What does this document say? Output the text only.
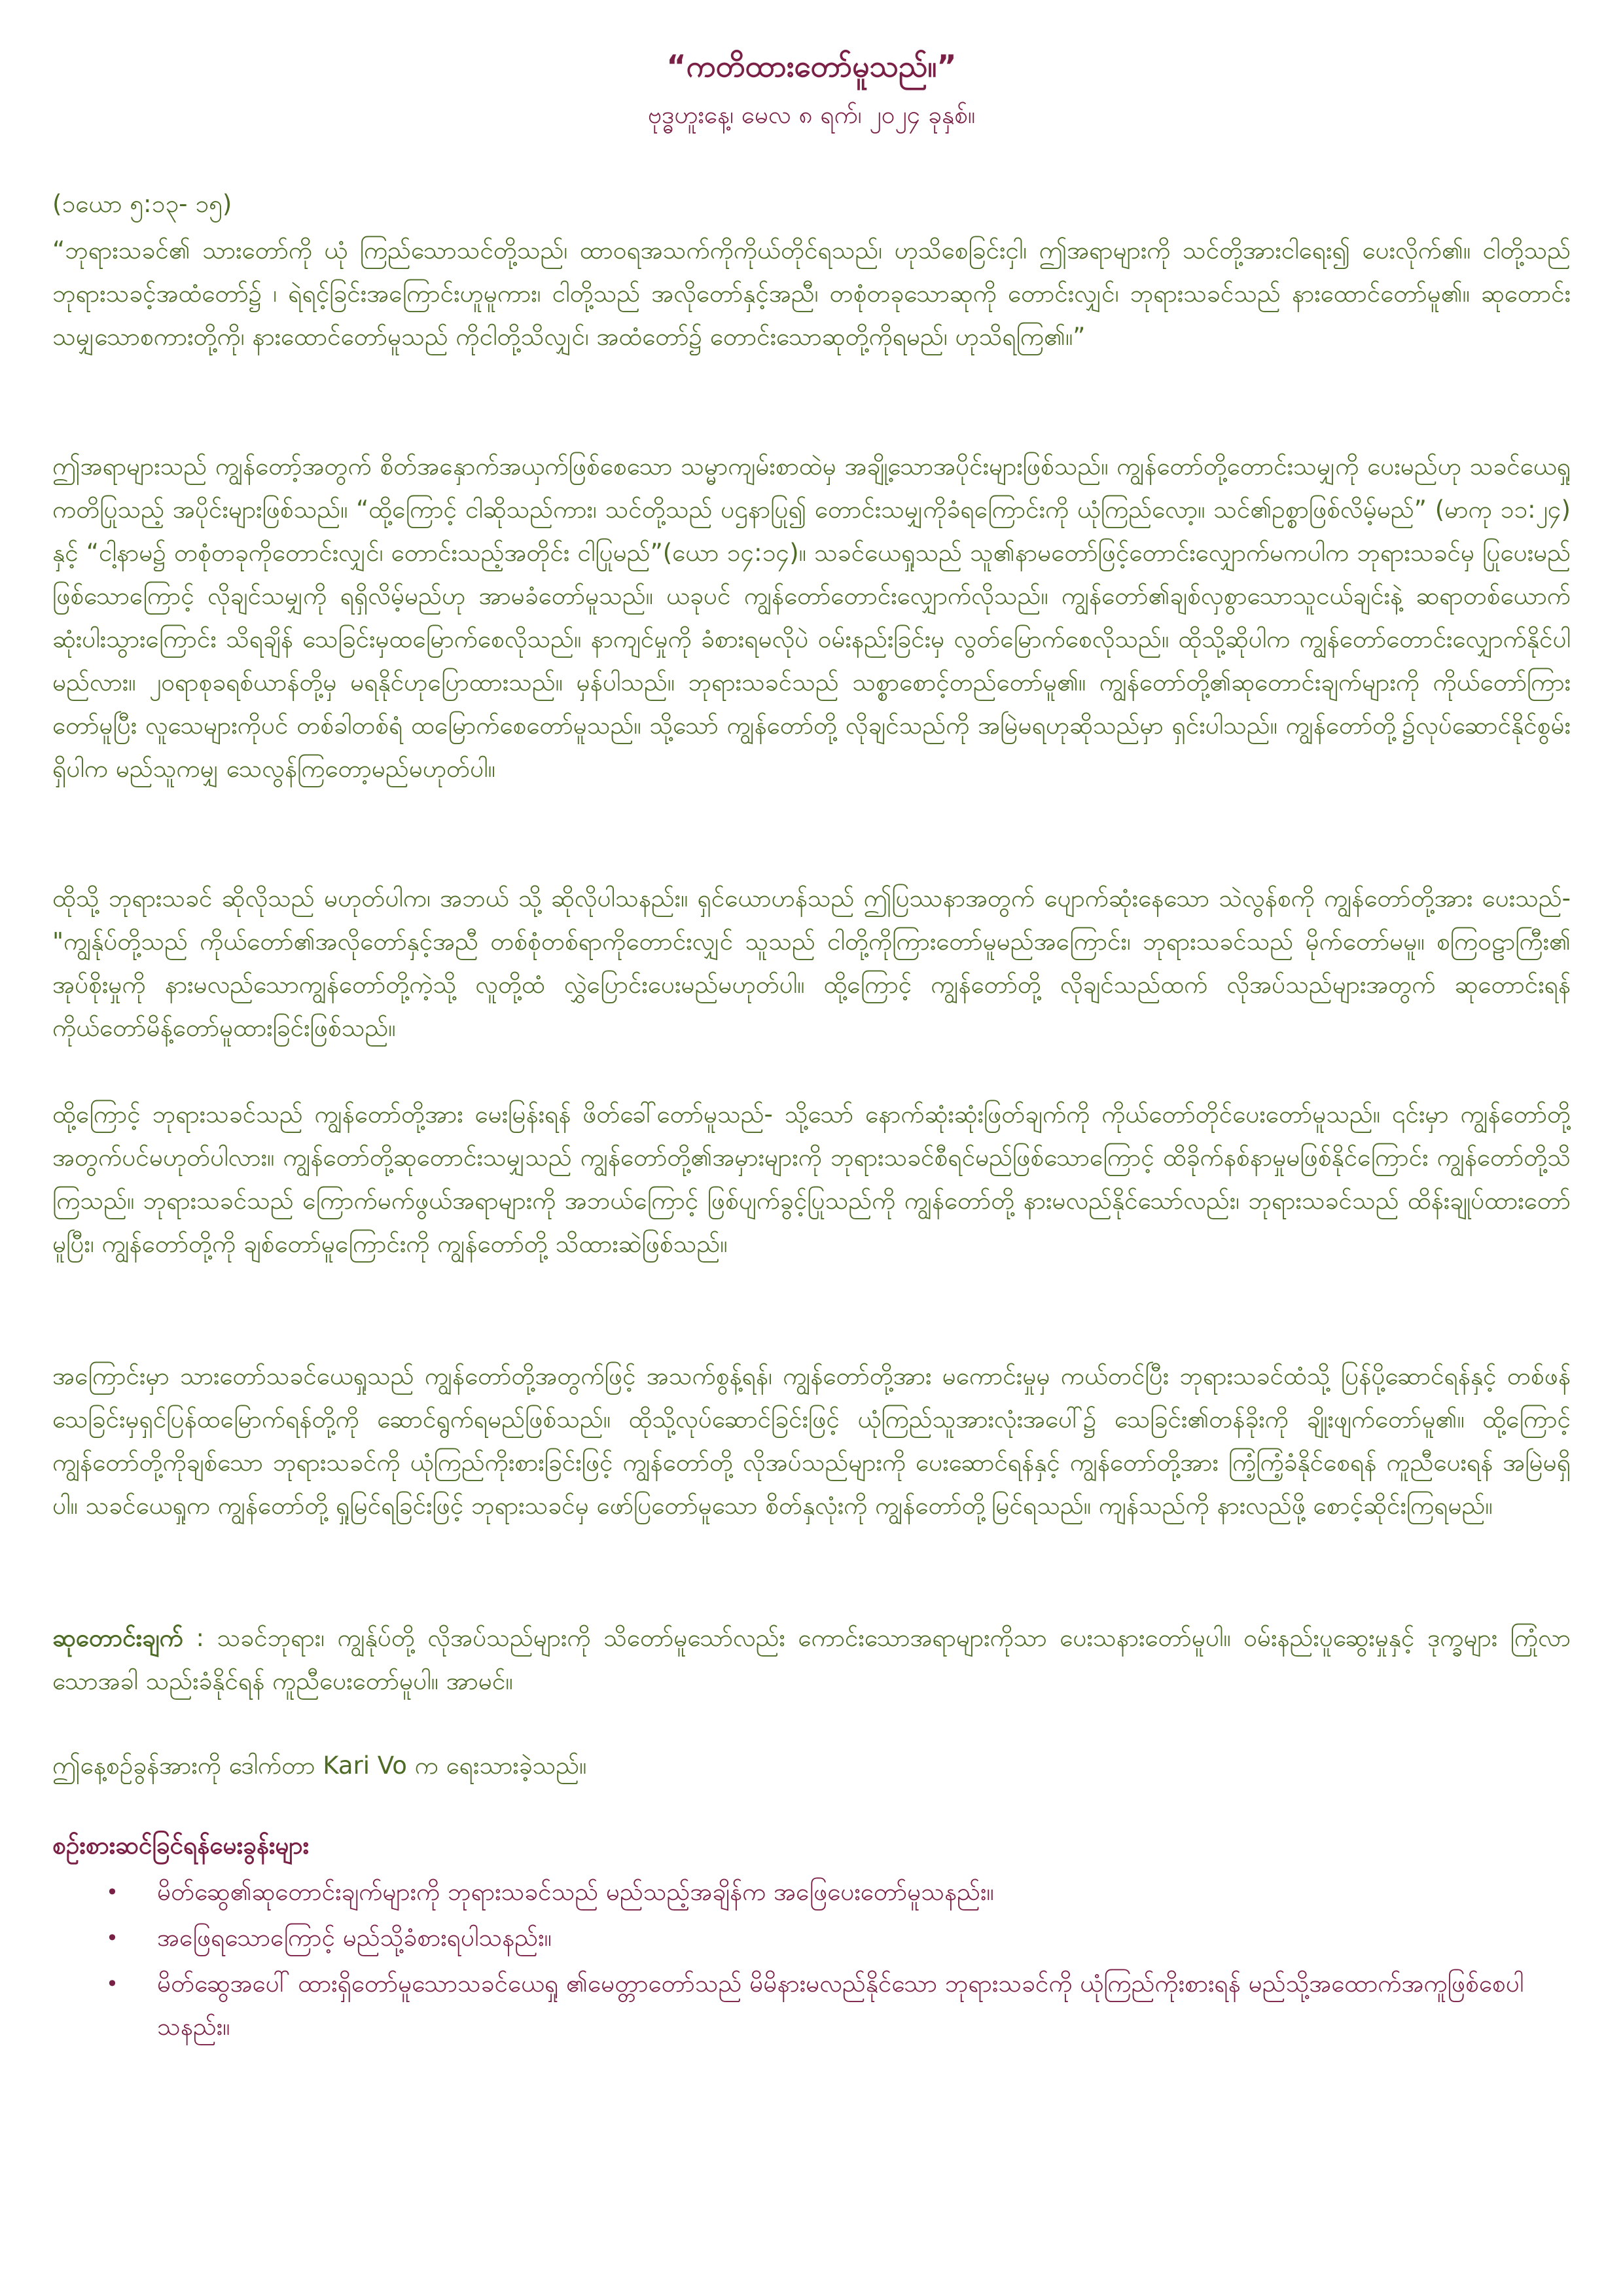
“ကတိထားတော်မူသည်။”
ဗုဒ္ဓဟူးနေ့၊ မေလ ၈ ရက်၊ ၂၀၂၄ ခုနှစ်။

(၁ယော ၅:၁၃- ၁၅)

“ဘုရားသခင်၏ သားတော်ကို ယုံ ကြည်သောသင်တို့သည်၊ ထာဝရအသက်ကိုကိုယ်တိုင်ရသည်၊ ဟုသိစေခြင်းငှါ၊ ဤအရာများကို သင်တို့အားငါရေး၍ ပေးလိုက်၏။ ငါတို့သည်ဘုရားသခင့်အထံတော်၌ ၊ ရဲရင့်ခြင်းအကြောင်းဟူမူကား၊ ငါတို့သည် အလိုတော်နှင့်အညီ၊ တစုံတခုသောဆုကို တောင်းလျှင်၊ ဘုရားသခင်သည် နားထောင်တော်မူ၏။ ဆုတောင်းသမျှသောစကားတို့ကို၊ နားထောင်တော်မူသည် ကိုငါတို့သိလျှင်၊ အထံတော်၌ တောင်းသောဆုတို့ကိုရမည်၊ ဟုသိရကြ၏။”

ဤအရာများသည် ကျွန်တော့်အတွက် စိတ်အနှောက်အယှက်ဖြစ်စေသော သမ္မာကျမ်းစာထဲမှ အချို့သောအပိုင်းများဖြစ်သည်။ ကျွန်တော်တို့တောင်းသမျှကို ပေးမည်ဟု သခင်ယေရှုကတိပြုသည့် အပိုင်းများဖြစ်သည်။ “ထို့ကြောင့် ငါဆိုသည်ကား၊ သင်တို့သည် ပဌနာပြု၍ တောင်းသမျှကိုခံရကြောင်းကို ယုံကြည်လော့။ သင်၏ဥစ္စာဖြစ်လိမ့်မည်” (မာကု ၁၁:၂၄) နှင့် “ငါ့နာမ၌ တစုံတခုကိုတောင်းလျှင်၊ တောင်းသည့်အတိုင်း ငါပြုမည်”(ယော ၁၄:၁၄)။ သခင်ယေရှုသည် သူ၏နာမတော်ဖြင့်တောင်းလျှောက်မကပါက ဘုရားသခင်မှ ပြုပေးမည်ဖြစ်သောကြောင့် လိုချင်သမျှကို ရရှိလိမ့်မည်ဟု အာမခံတော်မူသည်။ ယခုပင် ကျွန်တော်တောင်းလျှောက်လိုသည်။ ကျွန်တော်၏ချစ်လှစွာသောသူငယ်ချင်းနဲ့ ဆရာတစ်ယောက် ဆုံးပါးသွားကြောင်း သိရချိန် သေခြင်းမှထမြောက်စေလိုသည်။ နာကျင်မှုကို ခံစားရမလိုပဲ ဝမ်းနည်းခြင်းမှ လွတ်မြောက်စေလိုသည်။ ထိုသို့ဆိုပါက ကျွန်တော်တောင်းလျှောက်နိုင်ပါမည်လား။ ၂၀ရာစုခရစ်ယာန်တို့မှ မရနိုင်ဟုပြောထားသည်။ မှန်ပါသည်။ ဘုရားသခင်သည် သစ္စာစောင့်တည်တော်မူ၏။ ကျွန်တော်တို့၏ဆုတောင်းချက်များကို ကိုယ်တော်ကြားတော်မူပြီး လူသေများကိုပင် တစ်ခါတစ်ရံ ထမြောက်စေတော်မူသည်။ သို့သော် ကျွန်တော်တို့ လိုချင်သည်ကို အမြဲမရဟုဆိုသည်မှာ ရှင်းပါသည်။ ကျွန်တော်တို့၌လုပ်ဆောင်နိုင်စွမ်းရှိပါက မည်သူကမျှ သေလွန်ကြတော့မည်မဟုတ်ပါ။

ထိုသို့ ဘုရားသခင် ဆိုလိုသည် မဟုတ်ပါက၊ အဘယ် သို့ ဆိုလိုပါသနည်း။ ရှင်ယောဟန်သည် ဤပြဿနာအတွက် ပျောက်ဆုံးနေသော သဲလွန်စကို ကျွန်တော်တို့အား ပေးသည်- "ကျွန်ုပ်တို့သည် ကိုယ်တော်၏အလိုတော်နှင့်အညီ တစ်စုံတစ်ရာကိုတောင်းလျှင် သူသည် ငါတို့ကိုကြားတော်မူမည်အကြောင်း၊ ဘုရားသခင်သည် မိုက်တော်မမူ။ စကြဝဠာကြီး၏ အုပ်စိုးမှုကို နားမလည်သောကျွန်တော်တို့ကဲ့သို့ လူတို့ထံ လွှဲပြောင်းပေးမည်မဟုတ်ပါ။ ထို့ကြောင့် ကျွန်တော်တို့ လိုချင်သည်ထက် လိုအပ်သည်များအတွက် ဆုတောင်းရန် ကိုယ်တော်မိန့်တော်မူထားခြင်းဖြစ်သည်။

ထို့ကြောင့် ဘုရားသခင်သည် ကျွန်တော်တို့အား မေးမြန်းရန် ဖိတ်ခေါ်တော်မူသည်- သို့သော် နောက်ဆုံးဆုံးဖြတ်ချက်ကို ကိုယ်တော်တိုင်ပေးတော်မူသည်။ ၎င်းမှာ ကျွန်တော်တို့အတွက်ပင်မဟုတ်ပါလား။ ကျွန်တော်တို့ဆုတောင်းသမျှသည် ကျွန်တော်တို့၏အမှားများကို ဘုရားသခင်စီရင်မည်ဖြစ်သောကြောင့် ထိခိုက်နစ်နာမှုမဖြစ်နိုင်ကြောင်း ကျွန်တော်တို့သိကြသည်။ ဘုရားသခင်သည် ကြောက်မက်ဖွယ်အရာများကို အဘယ်ကြောင့် ဖြစ်ပျက်ခွင့်ပြုသည်ကို ကျွန်တော်တို့ နားမလည်နိုင်သော်လည်း၊ ဘုရားသခင်သည် ထိန်းချုပ်ထားတော်မူပြီး၊ ကျွန်တော်တို့ကို ချစ်တော်မူကြောင်းကို ကျွန်တော်တို့ သိထားဆဲဖြစ်သည်။

အကြောင်းမှာ သားတော်သခင်ယေရှုသည် ကျွန်တော်တို့အတွက်ဖြင့် အသက်စွန့်ရန်၊ ကျွန်တော်တို့အား မကောင်းမှုမှ ကယ်တင်ပြီး ဘုရားသခင်ထံသို့ ပြန်ပို့ဆောင်ရန်နှင့် တစ်ဖန်သေခြင်းမှရှင်ပြန်ထမြောက်ရန်တို့ကို ဆောင်ရွက်ရမည်ဖြစ်သည်။ ထိုသို့လုပ်ဆောင်ခြင်းဖြင့် ယုံကြည်သူအားလုံးအပေါ်၌ သေခြင်း၏တန်ခိုးကို ချိုးဖျက်တော်မူ၏။ ထို့ကြောင့် ကျွန်တော်တို့ကိုချစ်သော ဘုရားသခင်ကို ယုံကြည်ကိုးစားခြင်းဖြင့် ကျွန်တော်တို့ လိုအပ်သည်များကို ပေးဆောင်ရန်နှင့် ကျွန်တော်တို့အား ကြံ့ကြံ့ခံနိုင်စေရန် ကူညီပေးရန် အမြဲမရှိပါ။ သခင်ယေရှုက ကျွန်တော်တို့ ရှုမြင်ရခြင်းဖြင့် ဘုရားသခင်မှ ဖော်ပြတော်မူသော စိတ်နှလုံးကို ကျွန်တော်တို့မြင်ရသည်။ ကျန်သည်ကို နားလည်ဖို့ စောင့်ဆိုင်းကြရမည်။

ဆုတောင်းချက် : သခင်ဘုရား၊ ကျွန်ုပ်တို့ လိုအပ်သည်များကို သိတော်မူသော်လည်း ကောင်းသောအရာများကိုသာ ပေးသနားတော်မူပါ။ ဝမ်းနည်းပူဆွေးမှုနှင့် ဒုက္ခများ ကြုံလာသောအခါ သည်းခံနိုင်ရန် ကူညီပေးတော်မူပါ။ အာမင်။

ဤနေ့စဉ်ခွန်အားကို ဒေါက်တာ Kari Vo က ရေးသားခဲ့သည်။

စဉ်းစားဆင်ခြင်ရန်မေးခွန်းများ
• မိတ်ဆွေ၏ဆုတောင်းချက်များကို ဘုရားသခင်သည် မည်သည့်အချိန်က အဖြေပေးတော်မူသနည်း။
• အဖြေရသောကြောင့် မည်သို့ခံစားရပါသနည်း။
• မိတ်ဆွေအပေါ် ထားရှိတော်မူသောသခင်ယေရှု ၏မေတ္တာတော်သည် မိမိနားမလည်နိုင်သော ဘုရားသခင်ကို ယုံကြည်ကိုးစားရန် မည်သို့အထောက်အကူဖြစ်စေပါသနည်း။
